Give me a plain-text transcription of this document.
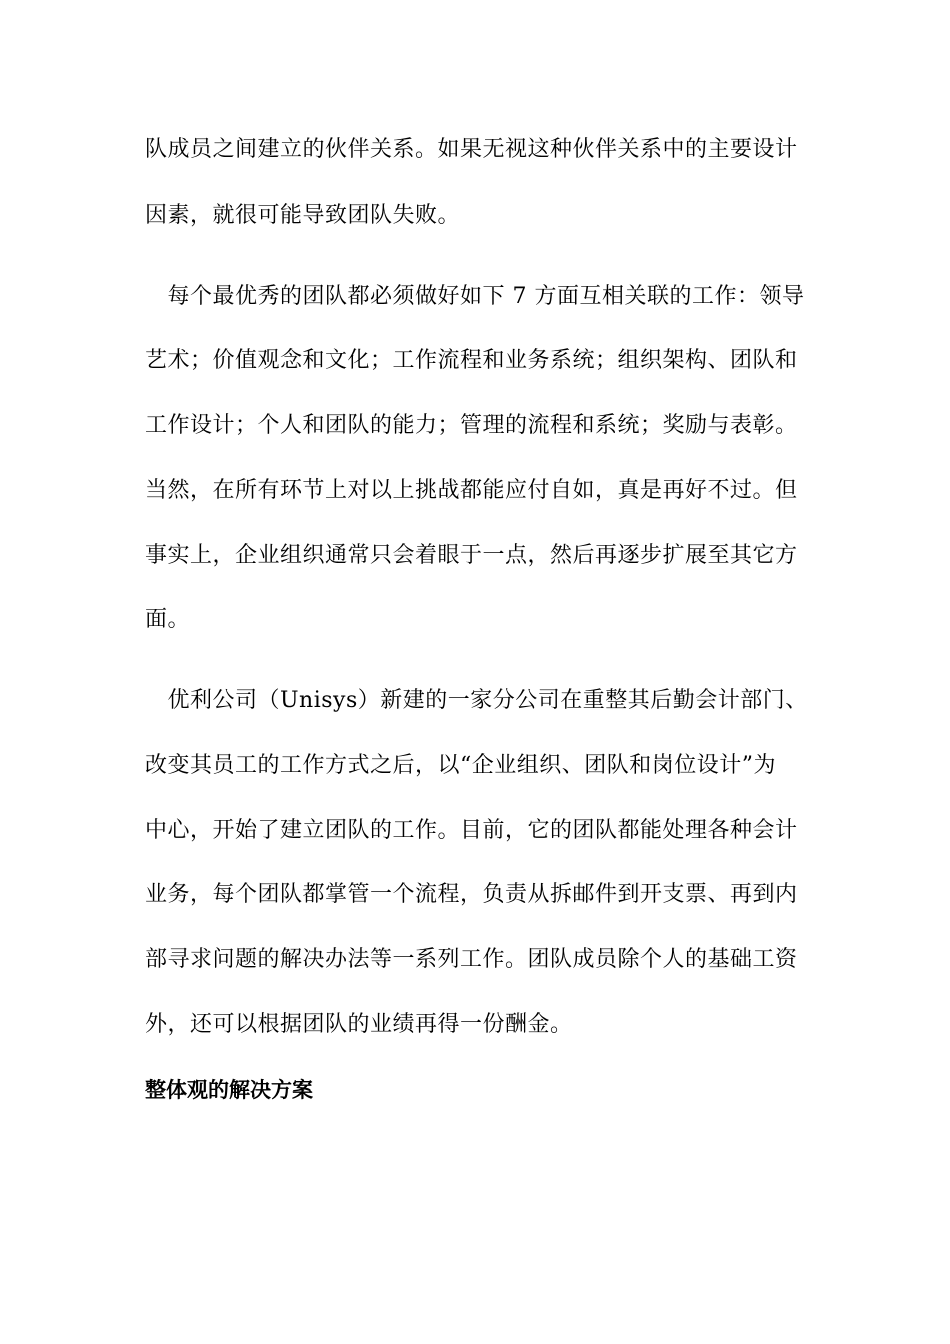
队成员之间建立的伙伴关系。如果无视这种伙伴关系中的主要设计
因素，就很可能导致团队失败。
　每个最优秀的团队都必须做好如下 7 方面互相关联的工作：领导
艺术；价值观念和文化；工作流程和业务系统；组织架构、团队和
工作设计；个人和团队的能力；管理的流程和系统；奖励与表彰。
当然，在所有环节上对以上挑战都能应付自如，真是再好不过。但
事实上，企业组织通常只会着眼于一点，然后再逐步扩展至其它方
面。
　优利公司（Unisys）新建的一家分公司在重整其后勤会计部门、
改变其员工的工作方式之后，以“企业组织、团队和岗位设计”为
中心，开始了建立团队的工作。目前，它的团队都能处理各种会计
业务，每个团队都掌管一个流程，负责从拆邮件到开支票、再到内
部寻求问题的解决办法等一系列工作。团队成员除个人的基础工资
外，还可以根据团队的业绩再得一份酬金。
整体观的解决方案
